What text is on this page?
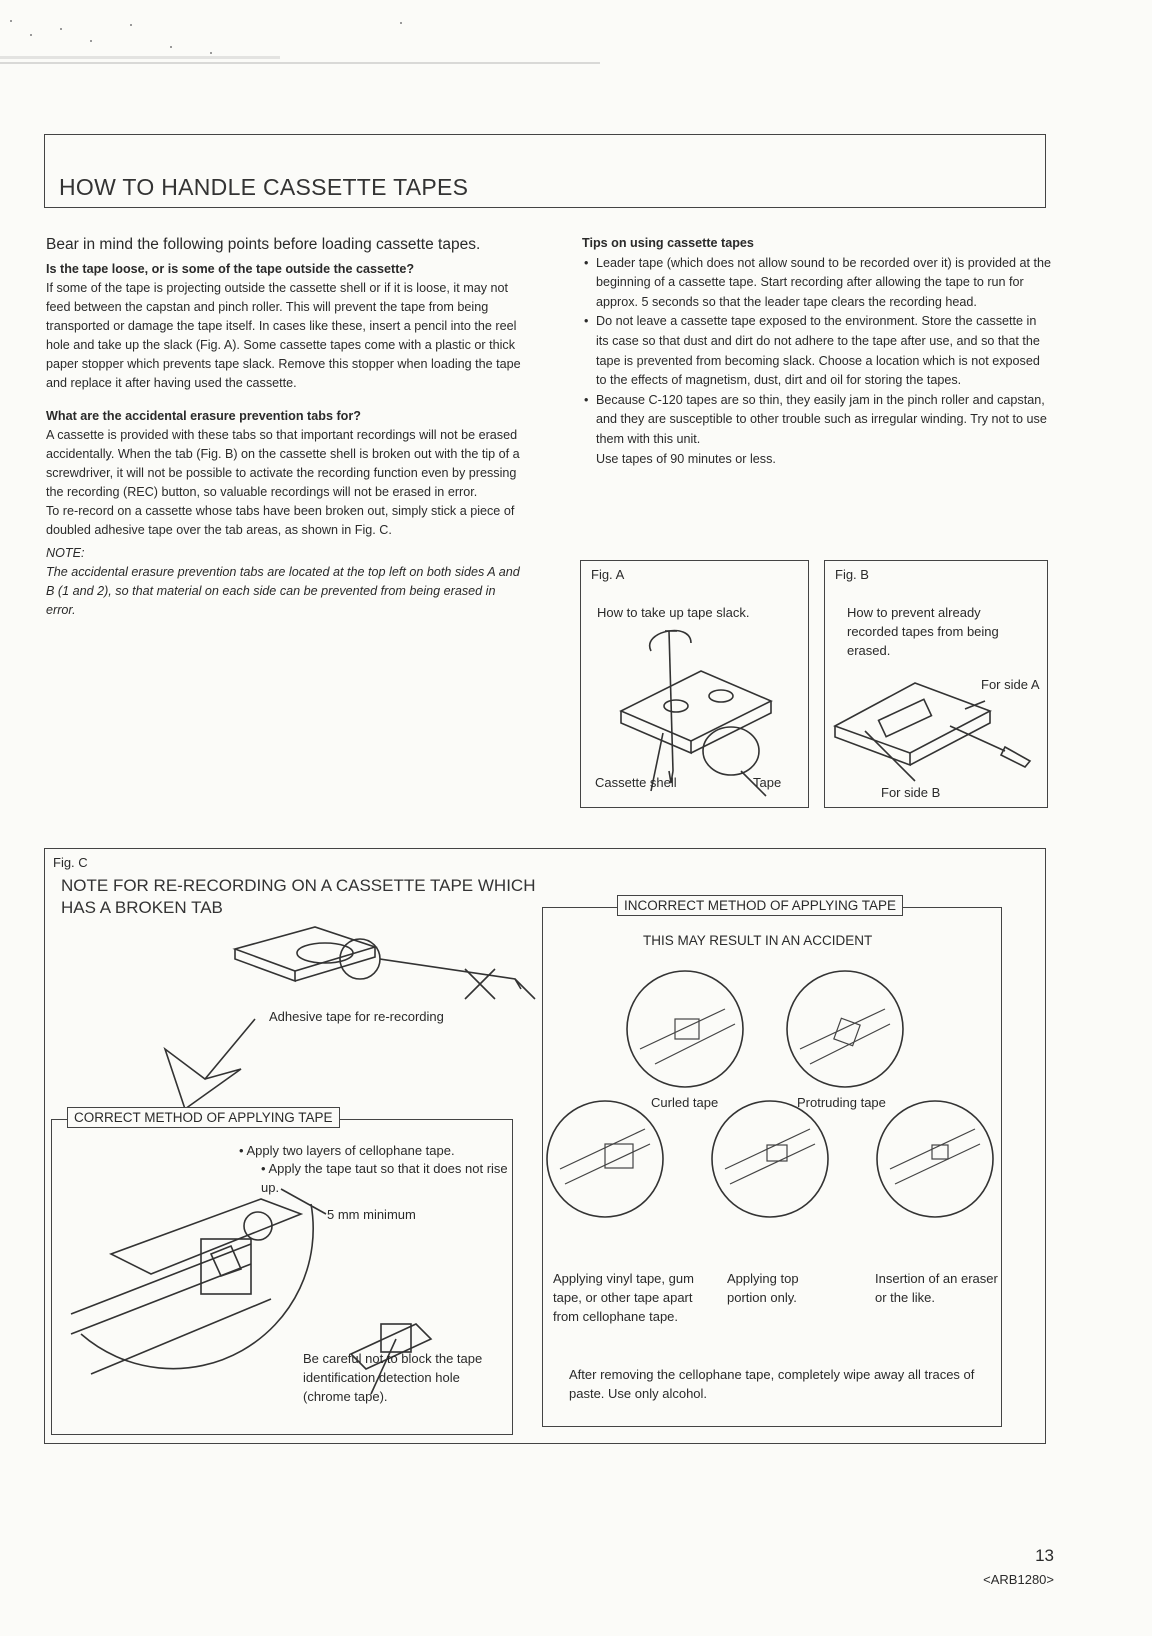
HOW TO HANDLE CASSETTE TAPES

Bear in mind the following points before loading cassette tapes.

Is the tape loose, or is some of the tape outside the cassette?

If some of the tape is projecting outside the cassette shell or if it is loose, it may not feed between the capstan and pinch roller. This will prevent the tape from being transported or damage the tape itself. In cases like these, insert a pencil into the reel hole and take up the slack (Fig. A). Some cassette tapes come with a plastic or thick paper stopper which prevents tape slack. Remove this stopper when loading the tape and replace it after having used the cassette.

What are the accidental erasure prevention tabs for?

A cassette is provided with these tabs so that important recordings will not be erased accidentally. When the tab (Fig. B) on the cassette shell is broken out with the tip of a screwdriver, it will not be possible to activate the recording function even by pressing the recording (REC) button, so valuable recordings will not be erased in error.

To re-record on a cassette whose tabs have been broken out, simply stick a piece of doubled adhesive tape over the tab areas, as shown in Fig. C.

NOTE:

The accidental erasure prevention tabs are located at the top left on both sides A and B (1 and 2), so that material on each side can be prevented from being erased in error.

Tips on using cassette tapes

• Leader tape (which does not allow sound to be recorded over it) is provided at the beginning of a cassette tape. Start recording after allowing the tape to run for approx. 5 seconds so that the leader tape clears the recording head.
• Do not leave a cassette tape exposed to the environment. Store the cassette in its case so that dust and dirt do not adhere to the tape after use, and so that the tape is prevented from becoming slack. Choose a location which is not exposed to the effects of magnetism, dust, dirt and oil for storing the tapes.
• Because C-120 tapes are so thin, they easily jam in the pinch roller and capstan, and they are susceptible to other trouble such as irregular winding. Try not to use them with this unit.

Use tapes of 90 minutes or less.

Fig. A
How to take up tape slack.
Cassette shell	Tape
Fig. B
How to prevent already recorded tapes from being erased.
For side A
For side B
Fig. C
NOTE FOR RE-RECORDING ON A CASSETTE TAPE WHICH HAS A BROKEN TAB
Adhesive tape for re-recording
INCORRECT METHOD OF APPLYING TAPE
THIS MAY RESULT IN AN ACCIDENT
Curled tape	Protruding tape
Applying vinyl tape, gum tape, or other tape apart from cellophane tape.
Applying top portion only.
Insertion of an eraser or the like.
After removing the cellophane tape, completely wipe away all traces of paste. Use only alcohol.
CORRECT METHOD OF APPLYING TAPE
• Apply two layers of cellophane tape.
• Apply the tape taut so that it does not rise up.
5 mm minimum
Be careful not to block the tape identification detection hole (chrome tape).
13
<ARB1280>
